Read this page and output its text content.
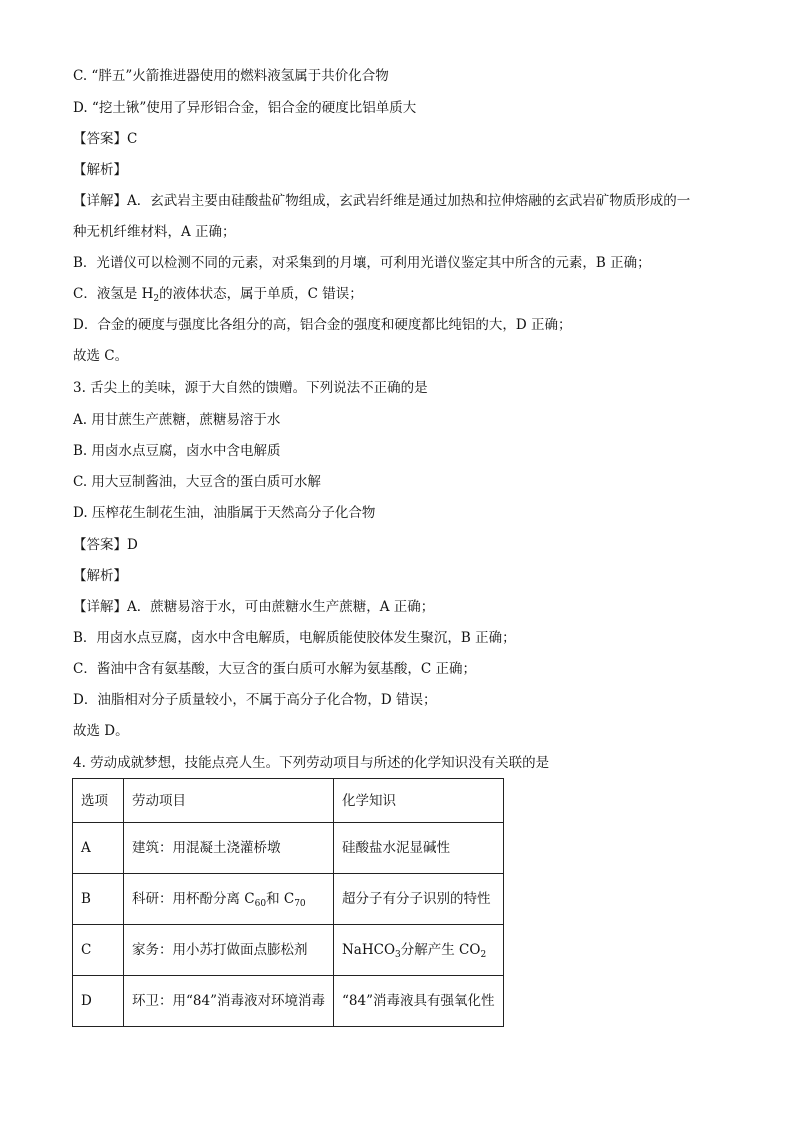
C. “胖五”火箭推进器使用的燃料液氢属于共价化合物
D. “挖土锹”使用了异形铝合金，铝合金的硬度比铝单质大
【答案】C
【解析】
【详解】A．玄武岩主要由硅酸盐矿物组成，玄武岩纤维是通过加热和拉伸熔融的玄武岩矿物质形成的一
种无机纤维材料，A 正确；
B．光谱仪可以检测不同的元素，对采集到的月壤，可利用光谱仪鉴定其中所含的元素，B 正确；
C．液氢是 $H_2$的液体状态，属于单质，C 错误；
D．合金的硬度与强度比各组分的高，铝合金的强度和硬度都比纯铝的大，D 正确；
故选 C。
3. 舌尖上的美味，源于大自然的馈赠。下列说法不正确的是
A. 用甘蔗生产蔗糖，蔗糖易溶于水
B. 用卤水点豆腐，卤水中含电解质
C. 用大豆制酱油，大豆含的蛋白质可水解
D. 压榨花生制花生油，油脂属于天然高分子化合物
【答案】D
【解析】
【详解】A．蔗糖易溶于水，可由蔗糖水生产蔗糖，A 正确；
B．用卤水点豆腐，卤水中含电解质，电解质能使胶体发生聚沉，B 正确；
C．酱油中含有氨基酸，大豆含的蛋白质可水解为氨基酸，C 正确；
D．油脂相对分子质量较小，不属于高分子化合物，D 错误；
故选 D。
4. 劳动成就梦想，技能点亮人生。下列劳动项目与所述的化学知识没有关联的是
选项	劳动项目	化学知识
A	建筑：用混凝土浇灌桥墩	硅酸盐水泥显碱性
B	科研：用杯酚分离 $C_{60}$和 $C_{70}$	超分子有分子识别的特性
C	家务：用小苏打做面点膨松剂	NaHCO$_3$分解产生 $CO_2$
D	环卫：用“84”消毒液对环境消毒	“84”消毒液具有强氧化性
